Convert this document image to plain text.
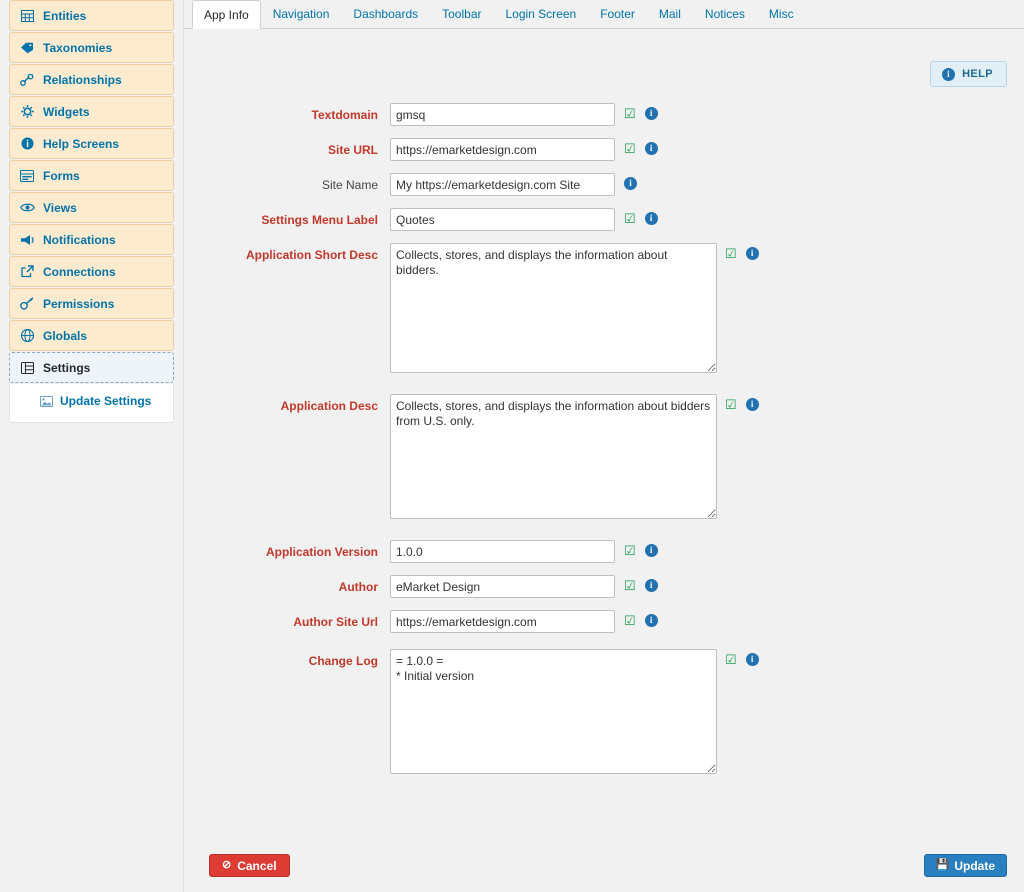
Entities
Taxonomies
Relationships
Widgets
Help Screens
Forms
Views
Notifications
Connections
Permissions
Globals
Settings
Update Settings
App Info	Navigation	Dashboards	Toolbar	Login Screen	Footer	Mail	Notices	Misc
i	HELP
Textdomain
gmsq	☑	i
Site URL
https://emarketdesign.com	☑	i
Site Name
My https://emarketdesign.com Site	i
Settings Menu Label
Quotes	☑	i
Application Short Desc
Collects, stores, and displays the information about bidders.	☑	i
Application Desc
Collects, stores, and displays the information about bidders from U.S. only.	☑	i
Application Version
1.0.0	☑	i
Author
eMarket Design	☑	i
Author Site Url
https://emarketdesign.com	☑	i
Change Log
= 1.0.0 = * Initial version	☑	i
⊘ Cancel	💾 Update
